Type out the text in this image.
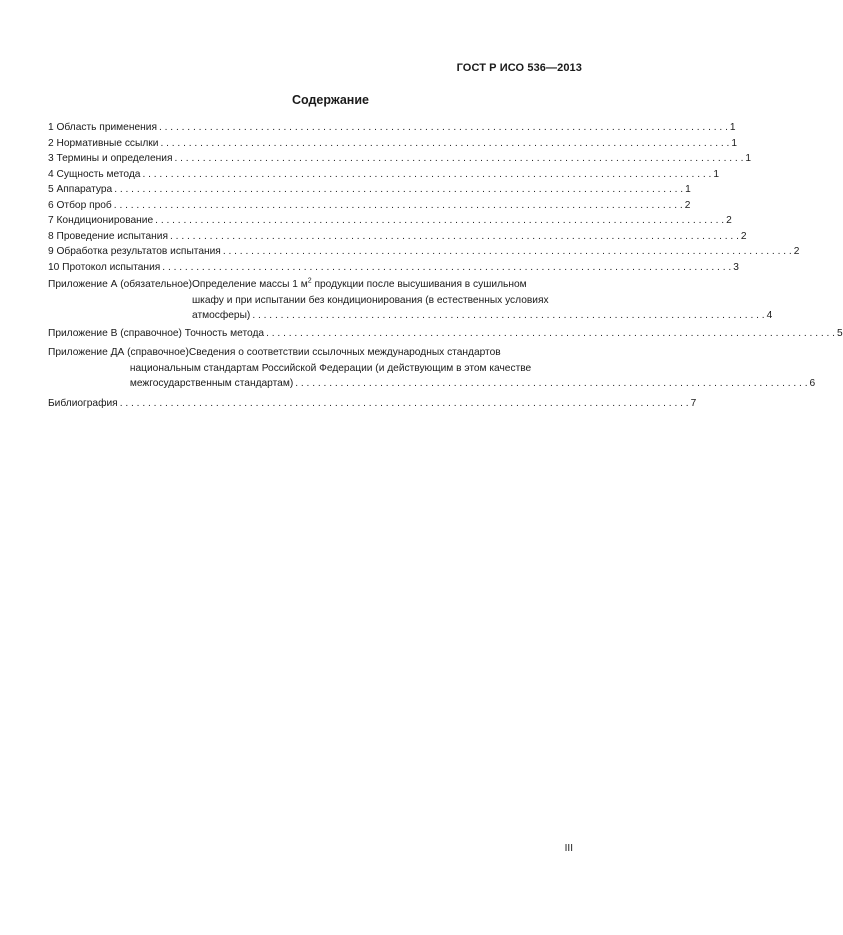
ГОСТ Р ИСО 536—2013
Содержание
1 Область применения . . .	1
2 Нормативные ссылки . . .	1
3 Термины и определения . . .	1
4 Сущность метода . . .	1
5 Аппаратура . . .	1
6 Отбор проб . . .	2
7 Кондиционирование . . .	2
8 Проведение испытания . . .	2
9 Обработка результатов испытания . . .	2
10 Протокол испытания . . .	3
Приложение А (обязательное) Определение массы 1 $м^2$ продукции после высушивания в сушильном
шкафу и при испытании без кондиционирования (в естественных условиях
атмосферы) . . .	4
Приложение В (справочное) Точность метода . . .	5
Приложение ДА (справочное) Сведения о соответствии ссылочных международных стандартов
национальным стандартам Российской Федерации (и действующим в этом качестве
межгосударственным стандартам) . . .	6
Библиография . . .	7
III
